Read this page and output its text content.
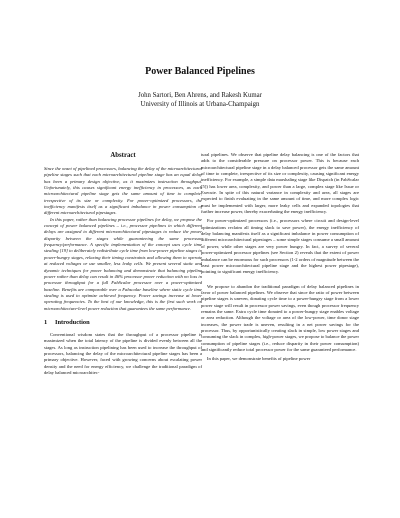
Power Balanced Pipelines
John Sartori, Ben Ahrens, and Rakesh Kumar
University of Illinois at Urbana-Champaign
Abstract

Since the onset of pipelined processors, balancing the delay of the microarchitectural pipeline stages such that each microarchitectural pipeline stage has an equal delay has been a primary design objective, as it maximizes instruction throughput. Unfortunately, this causes significant energy inefficiency in processors, as each microarchitectural pipeline stage gets the same amount of time to complete, irrespective of its size or complexity. For power-optimized processors, the inefficiency manifests itself as a significant imbalance in power consumption of different microarchitectural pipestages.

In this paper, rather than balancing processor pipelines for delay, we propose the concept of power balanced pipelines – i.e., processor pipelines in which different delays are assigned to different microarchitectural pipestages to reduce the power disparity between the stages while guaranteeing the same processor frequency/performance. A specific implementation of the concept uses cycle time stealing [19] to deliberately redistribute cycle time from low-power pipeline stages to power-hungry stages, relaxing their timing constraints and allowing them to operate at reduced voltages or use smaller, less leaky cells. We present several static and dynamic techniques for power balancing and demonstrate that balancing pipeline power rather than delay can result in 46% processor power reduction with no loss in processor throughput for a full FabScalar processor over a power-optimized baseline. Benefits are comparable over a Fabscalar baseline where static cycle time stealing is used to optimize achieved frequency. Power savings increase at lower operating frequencies. To the best of our knowledge, this is the first such work on microarchitecture-level power reduction that guarantees the same performance.

1 Introduction

Conventional wisdom states that the throughput of a processor pipeline is maximized when the total latency of the pipeline is divided evenly between all the stages. As long as instruction pipelining has been used to increase the throughput of processors, balancing the delay of the microarchitectural pipeline stages has been a primary objective. However, faced with growing concerns about escalating power density and the need for energy efficiency, we challenge the traditional paradigm of delay balanced microarchitec-

tural pipelines. We observe that pipeline delay balancing is one of the factors that adds to the considerable pressure on processor power. This is because each microarchitectural pipeline stage in a delay balanced processor gets the same amount of time to complete, irrespective of its size or complexity, causing significant energy inefficiency. For example, a simple data marshaling stage like Dispatch (in FabScalar [5]) has lower area, complexity, and power than a large, complex stage like Issue or Execute. In spite of this natural variance in complexity and area, all stages are expected to finish evaluating in the same amount of time, and more complex logic must be implemented with larger, more leaky cells and expanded topologies that further increase power, thereby exacerbating the energy inefficiency.

For power-optimized processors (i.e., processors where circuit and design-level optimizations reclaim all timing slack to save power), the energy inefficiency of delay balancing manifests itself as a significant imbalance in power consumption of different microarchitectural pipestages – some simple stages consume a small amount of power, while other stages are very power hungry. In fact, a survey of several power-optimized processor pipelines (see Section 2) reveals that the extent of power imbalance can be enormous for such processors (1-2 orders of magnitude between the least power microarchitectural pipeline stage and the highest power pipestage), pointing to significant energy inefficiency.

We propose to abandon the traditional paradigm of delay balanced pipelines in favor of power balanced pipelines. We observe that since the ratio of power between pipeline stages is uneven, donating cycle time to a power-hungry stage from a lower power stage will result in processor power savings, even though processor frequency remains the same. Extra cycle time donated to a power-hungry stage enables voltage or area reduction. Although the voltage or area of the low-power, time donor stage increases, the power trade is uneven, resulting in a net power savings for the processor. Thus, by opportunistically creating slack in simple, low power stages and consuming the slack in complex, high-power stages, we propose to balance the power consumption of pipeline stages (i.e., reduce disparity in their power consumption) and significantly reduce total processor power for the same guaranteed performance.

In this paper, we demonstrate benefits of pipeline power
